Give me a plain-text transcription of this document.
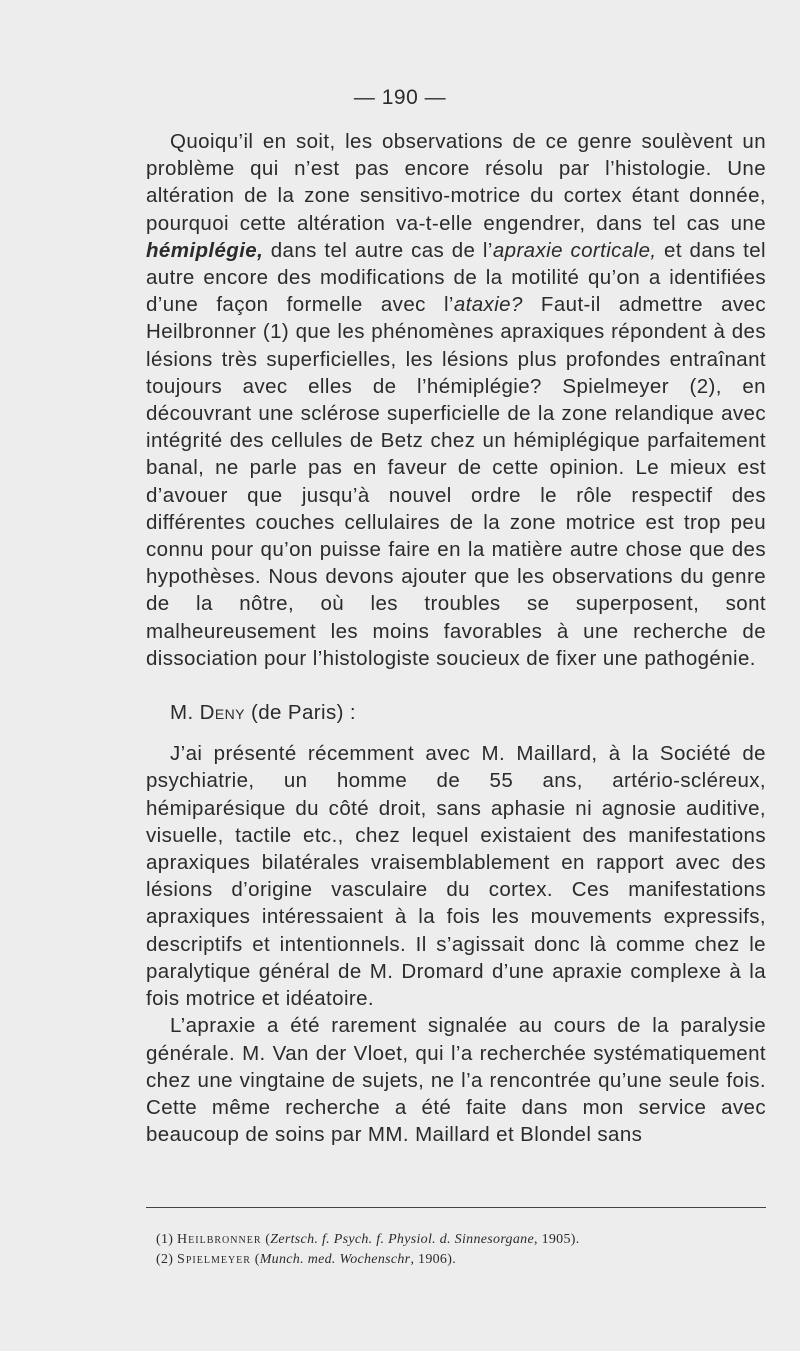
— 190 —

Quoiqu’il en soit, les observations de ce genre soulèvent un problème qui n’est pas encore résolu par l’histologie. Une altération de la zone sensitivo-motrice du cortex étant donnée, pourquoi cette altération va-t-elle engendrer, dans tel cas une hémiplégie, dans tel autre cas de l’apraxie corticale, et dans tel autre encore des modifications de la motilité qu’on a identifiées d’une façon formelle avec l’ataxie? Faut-il admettre avec Heilbronner (1) que les phénomènes apraxiques répondent à des lésions très superficielles, les lésions plus profondes entraînant toujours avec elles de l’hémiplégie? Spielmeyer (2), en découvrant une sclérose superficielle de la zone relandique avec intégrité des cellules de Betz chez un hémiplégique parfaitement banal, ne parle pas en faveur de cette opinion. Le mieux est d’avouer que jusqu’à nouvel ordre le rôle respectif des différentes couches cellulaires de la zone motrice est trop peu connu pour qu’on puisse faire en la matière autre chose que des hypothèses. Nous devons ajouter que les observations du genre de la nôtre, où les troubles se superposent, sont malheureusement les moins favorables à une recherche de dissociation pour l’histologiste soucieux de fixer une pathogénie.

M. Deny (de Paris) :

J’ai présenté récemment avec M. Maillard, à la Société de psychiatrie, un homme de 55 ans, artério-scléreux, hémiparésique du côté droit, sans aphasie ni agnosie auditive, visuelle, tactile etc., chez lequel existaient des manifestations apraxiques bilatérales vraisemblablement en rapport avec des lésions d’origine vasculaire du cortex. Ces manifestations apraxiques intéressaient à la fois les mouvements expressifs, descriptifs et intentionnels. Il s’agissait donc là comme chez le paralytique général de M. Dromard d’une apraxie complexe à la fois motrice et idéatoire.

L’apraxie a été rarement signalée au cours de la paralysie générale. M. Van der Vloet, qui l’a recherchée systématiquement chez une vingtaine de sujets, ne l’a rencontrée qu’une seule fois. Cette même recherche a été faite dans mon service avec beaucoup de soins par MM. Maillard et Blondel sans

(1) Heilbronner (Zertsch. f. Psych. f. Physiol. d. Sinnesorgane, 1905).
(2) Spielmeyer (Munch. med. Wochenschr, 1906).
